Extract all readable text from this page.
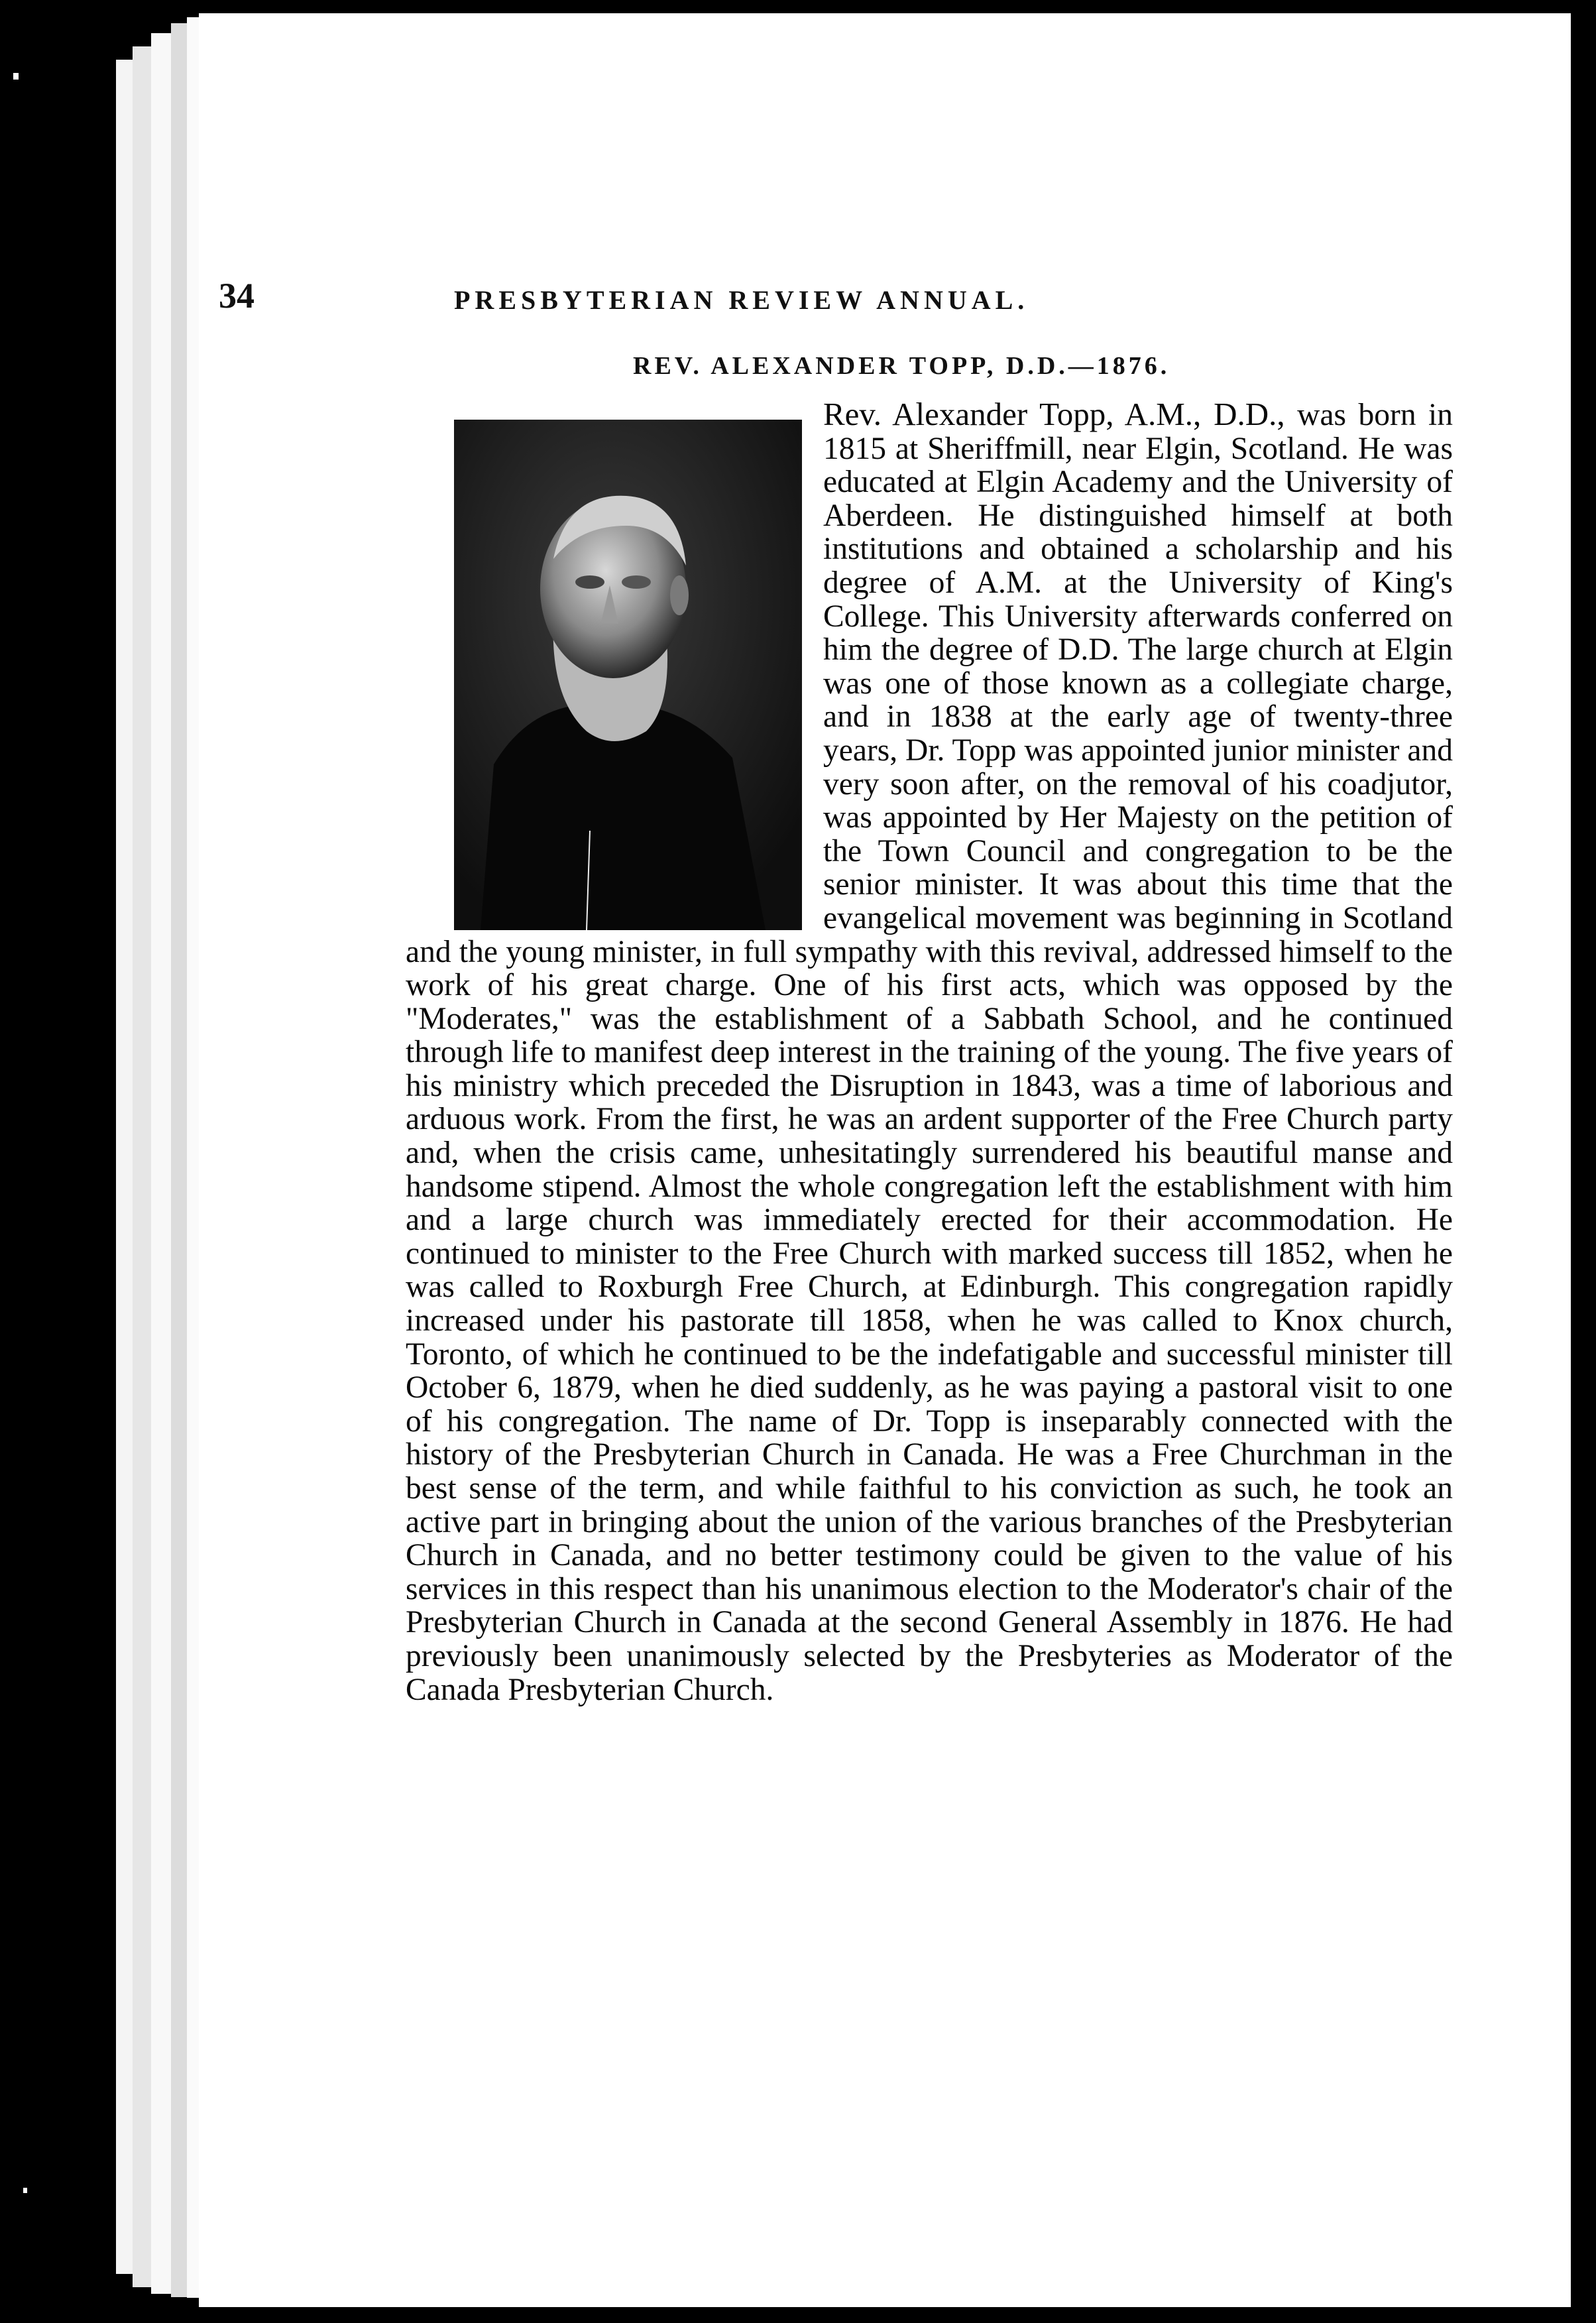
34	PRESBYTERIAN REVIEW ANNUAL.
REV. ALEXANDER TOPP, D.D.—1876.

Rev. Alexander Topp, A.M., D.D., was born in 1815 at Sheriffmill, near Elgin, Scotland. He was educated at Elgin Academy and the University of Aberdeen. He distinguished himself at both institutions and obtained a scholarship and his degree of A.M. at the University of King's College. This University afterwards conferred on him the degree of D.D. The large church at Elgin was one of those known as a collegiate charge, and in 1838 at the early age of twenty-three years, Dr. Topp was appointed junior minister and very soon after, on the removal of his coadjutor, was appointed by Her Majesty on the petition of the Town Council and congregation to be the senior minister. It was about this time that the evangelical movement was beginning in Scotland and the young minister, in full sympathy with this revival, addressed himself to the work of his great charge. One of his first acts, which was opposed by the "Moderates," was the establishment of a Sabbath School, and he continued through life to manifest deep interest in the training of the young. The five years of his ministry which preceded the Disruption in 1843, was a time of laborious and arduous work. From the first, he was an ardent supporter of the Free Church party and, when the crisis came, unhesitatingly surrendered his beautiful manse and handsome stipend. Almost the whole congregation left the establishment with him and a large church was immediately erected for their accommodation. He continued to minister to the Free Church with marked success till 1852, when he was called to Roxburgh Free Church, at Edinburgh. This congregation rapidly increased under his pastorate till 1858, when he was called to Knox church, Toronto, of which he continued to be the indefatigable and successful minister till October 6, 1879, when he died suddenly, as he was paying a pastoral visit to one of his congregation. The name of Dr. Topp is inseparably connected with the history of the Presbyterian Church in Canada. He was a Free Churchman in the best sense of the term, and while faithful to his conviction as such, he took an active part in bringing about the union of the various branches of the Presbyterian Church in Canada, and no better testimony could be given to the value of his services in this respect than his unanimous election to the Moderator's chair of the Presbyterian Church in Canada at the second General Assembly in 1876. He had previously been unanimously selected by the Presbyteries as Moderator of the Canada Presbyterian Church.
